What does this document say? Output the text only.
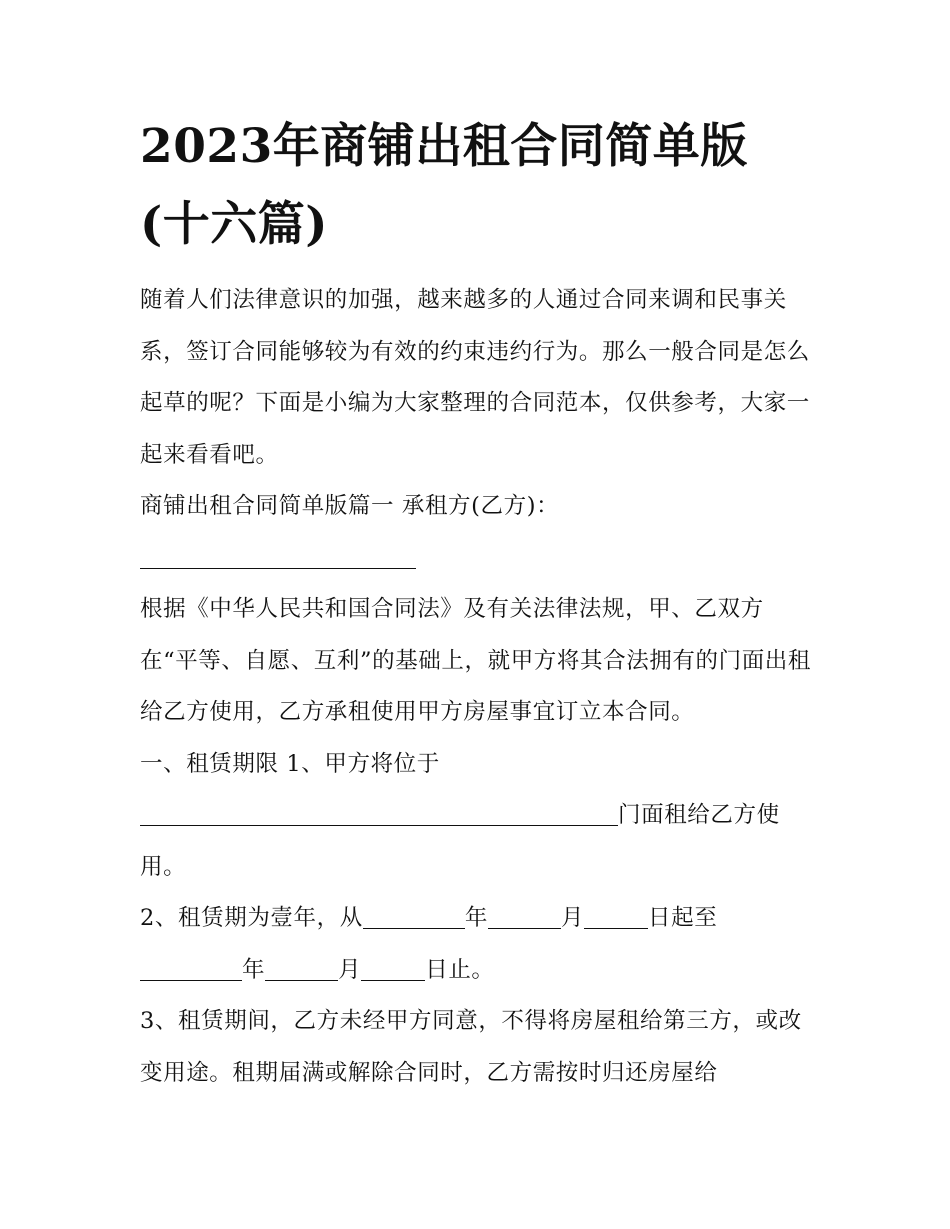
2023年商铺出租合同简单版
(十六篇)

随着人们法律意识的加强，越来越多的人通过合同来调和民事关系，签订合同能够较为有效的约束违约行为。那么一般合同是怎么起草的呢？下面是小编为大家整理的合同范本，仅供参考，大家一起来看看吧。

商铺出租合同简单版篇一 承租方(乙方)：

根据《中华人民共和国合同法》及有关法律法规，甲、乙双方在“平等、自愿、互利”的基础上，就甲方将其合法拥有的门面出租给乙方使用，乙方承租使用甲方房屋事宜订立本合同。

一、租赁期限 1、甲方将位于

门面租给乙方使
用。

2、租赁期为壹年，从	年	月	日起至
年	月	日止。

3、租赁期间，乙方未经甲方同意，不得将房屋租给第三方，或改变用途。租期届满或解除合同时，乙方需按时归还房屋给
